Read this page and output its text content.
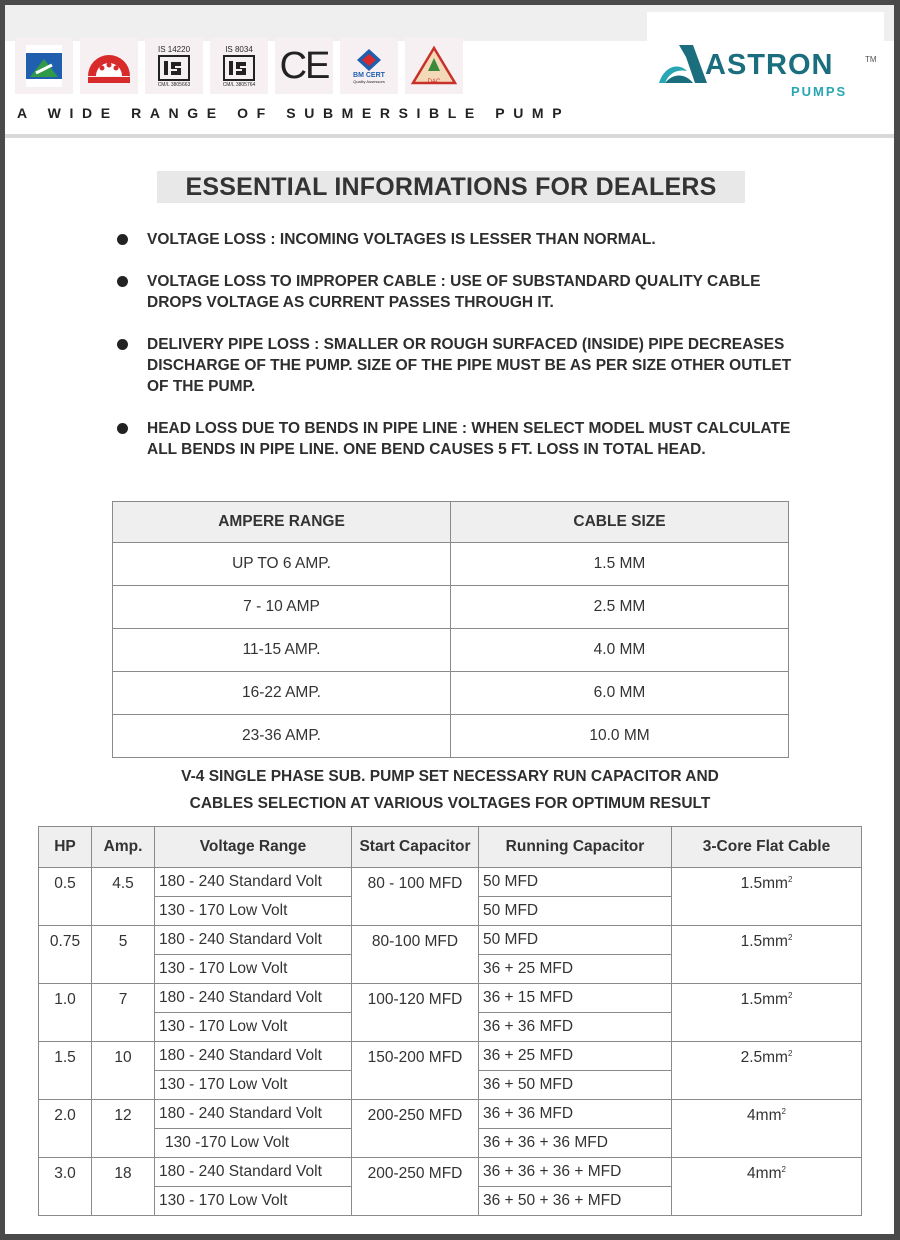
IS 14220
CM/L 3805663
IS 8034
CM/L 3805764 CE	BM CERT
Quality Assessors	DAC
A WIDE RANGE OF SUBMERSIBLE PUMP
ASTRON	TM
PUMPS
ESSENTIAL INFORMATIONS FOR DEALERS
VOLTAGE LOSS : INCOMING VOLTAGES IS LESSER THAN NORMAL.
VOLTAGE LOSS TO IMPROPER CABLE : USE OF SUBSTANDARD QUALITY CABLE DROPS VOLTAGE AS CURRENT PASSES THROUGH IT.
DELIVERY PIPE LOSS : SMALLER OR ROUGH SURFACED (INSIDE) PIPE DECREASES DISCHARGE OF THE PUMP. SIZE OF THE PIPE MUST BE AS PER SIZE OTHER OUTLET OF THE PUMP.
HEAD LOSS DUE TO BENDS IN PIPE LINE : WHEN SELECT MODEL MUST CALCULATE ALL BENDS IN PIPE LINE. ONE BEND CAUSES 5 FT. LOSS IN TOTAL HEAD.
AMPERE RANGE	CABLE SIZE
UP TO 6 AMP.	1.5 MM
7 - 10 AMP	2.5 MM
11-15 AMP.	4.0 MM
16-22 AMP.	6.0 MM
23-36 AMP.	10.0 MM
V-4 SINGLE PHASE SUB. PUMP SET NECESSARY RUN CAPACITOR AND
CABLES SELECTION AT VARIOUS VOLTAGES FOR OPTIMUM RESULT
HP	Amp.	Voltage Range	Start Capacitor	Running Capacitor	3-Core Flat Cable
0.5	4.5	180 - 240 Standard Volt	80 - 100 MFD	50 MFD	$1.5mm^2$
		130 - 170 Low Volt		50 MFD	
0.75	5	180 - 240 Standard Volt	80-100 MFD	50 MFD	$1.5mm^2$
		130 - 170 Low Volt		36 + 25 MFD	
1.0	7	180 - 240 Standard Volt	100-120 MFD	36 + 15 MFD	$1.5mm^2$
		130 - 170 Low Volt		36 + 36 MFD	
1.5	10	180 - 240 Standard Volt	150-200 MFD	36 + 25 MFD	$2.5mm^2$
		130 - 170 Low Volt		36 + 50 MFD	
2.0	12	180 - 240 Standard Volt	200-250 MFD	36 + 36 MFD	$4mm^2$
		130 -170 Low Volt		36 + 36 + 36 MFD	
3.0	18	180 - 240 Standard Volt	200-250 MFD	36 + 36 + 36 + MFD	$4mm^2$
		130 - 170 Low Volt		36 + 50 + 36 + MFD	
